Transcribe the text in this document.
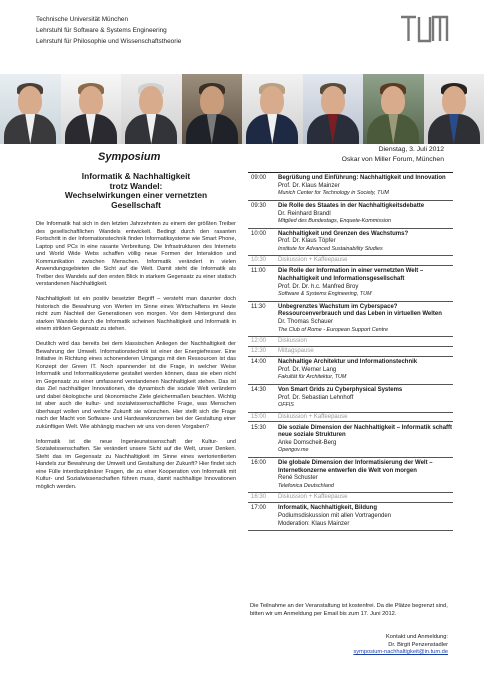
Technische Universität München
Lehrstuhl für Software & Systems Engineering
Lehrstuhl für Philosophie und Wissenschaftstheorie
Symposium
Dienstag, 3. Juli 2012
Oskar von Miller Forum, München
Informatik & Nachhaltigkeit
trotz Wandel:
Wechselwirkungen einer vernetzten
Gesellschaft

Die Informatik hat sich in den letzten Jahrzehnten zu einem der größten Treiber des gesellschaftlichen Wandels entwickelt. Bedingt durch den rasanten Fortschritt in der Informationstechnik finden Informatiksysteme wie Smart Phone, Laptop und PCs in eine rasante Verbreitung. Die Infrastrukturen des Internets und World Wide Webs schaffen völlig neue Formen der Interaktion und Kommunikation zwischen Menschen. Informatik verändert in vielen Anwendungsgebieten die Sicht auf die Welt. Damit steht die Informatik als Treiber des Wandels auf den ersten Blick in starkem Gegensatz zu einer statisch verstandenen Nachhaltigkeit.

Nachhaltigkeit ist ein positiv besetzter Begriff – versteht man darunter doch historisch die Bewahrung von Werten im Sinne eines Wirtschaftens im Heute nicht zum Nachteil der Generationen von morgen. Vor dem Hintergrund des starken Wandels durch die Informatik scheinen Nachhaltigkeit und Informatik in einem strikten Gegensatz zu stehen.

Deutlich wird das bereits bei dem klassischen Anliegen der Nachhaltigkeit der Bewahrung der Umwelt. Informationstechnik ist einer der Energiefresser. Eine Initiative in Richtung eines schonenderen Umgangs mit den Ressourcen ist das Konzept der Green IT. Noch spannender ist die Frage, in welcher Weise Informatik und Informatiksysteme gestaltet werden können, dass sie eben nicht im Gegensatz zu einer umfassend verstandenen Nachhaltigkeit stehen. Das ist das Ziel nachhaltiger Innovationen, die dynamisch die soziale Welt verändern und dabei ökologische und ökonomische Ziele gleichermaßen beachten. Wichtig ist aber auch die kultur- und sozialwissenschaftliche Frage, was Menschen überhaupt wollen und welche Zukunft sie wünschen. Hier stellt sich die Frage nach der Macht von Software- und Hardwarekonzernen bei der Gestaltung einer zukünftigen Welt. Wie abhängig machen wir uns von deren Vorgaben?

Informatik ist die neue Ingenieurwissenschaft der Kultur- und Sozialwissenschaften. Sie verändert unsere Sicht auf die Welt, unser Denken. Steht das im Gegensatz zu Nachhaltigkeit im Sinne eines wertorientierten Handels zur Bewahrung der Umwelt und Gestaltung der Zukunft? Hier findet sich eine Fülle interdisziplinärer Fragen, die zu einer Kooperation von Informatik mit Kultur- und Sozialwissenschaften führen muss, damit nachhaltige Innovationen möglich werden.

09:00	Begrüßung und Einführung: Nachhaltigkeit und Innovation
Prof. Dr. Klaus Mainzer
Munich Center for Technology in Society, TUM
09:30	Die Rolle des Staates in der Nachhaltigkeitsdebatte
Dr. Reinhard Brandl
Mitglied des Bundestags, Enquete-Kommission
10:00	Nachhaltigkeit und Grenzen des Wachstums?
Prof. Dr. Klaus Töpfer
Institute for Advanced Sustainability Studies
10:30	Diskussion + Kaffeepause
11:00	Die Rolle der Information in einer vernetzten Welt – Nachhaltigkeit und Informationsgesellschaft
Prof. Dr. Dr. h.c. Manfred Broy
Software & Systems Engineering, TUM
11:30	Unbegrenztes Wachstum im Cyberspace? Ressourcenverbrauch und das Leben in virtuellen Welten
Dr. Thomas Schauer
The Club of Rome - European Support Centre
12:00	Diskussion
12:30	Mittagspause
14:00	Nachhaltige Architektur und Informationstechnik
Prof. Dr. Werner Lang
Fakultät für Architektur, TUM
14:30	Von Smart Grids zu Cyberphysical Systems
Prof. Dr. Sebastian Lehnhoff
OFFIS
15:00	Diskussion + Kaffeepause
15:30	Die soziale Dimension der Nachhaltigkeit – Informatik schafft neue soziale Strukturen
Anke Domscheit-Berg
Opengov.me
16:00	Die globale Dimension der Informatisierung der Welt – Internetkonzerne entwerfen die Welt von morgen
René Schuster
Telefonica Deutschland
16:30	Diskussion + Kaffeepause
17:00	Informatik, Nachhaltigkeit, Bildung
Podiumsdiskussion mit allen Vortragenden
Moderation: Klaus Mainzer
Die Teilnahme an der Veranstaltung ist kostenfrei. Da die Plätze begrenzt sind, bitten wir um Anmeldung per Email bis zum 17. Juni 2012.
Kontakt und Anmeldung:
Dr. Birgit Penzenstadler
symposium-nachhaltigkeit@in.tum.de
